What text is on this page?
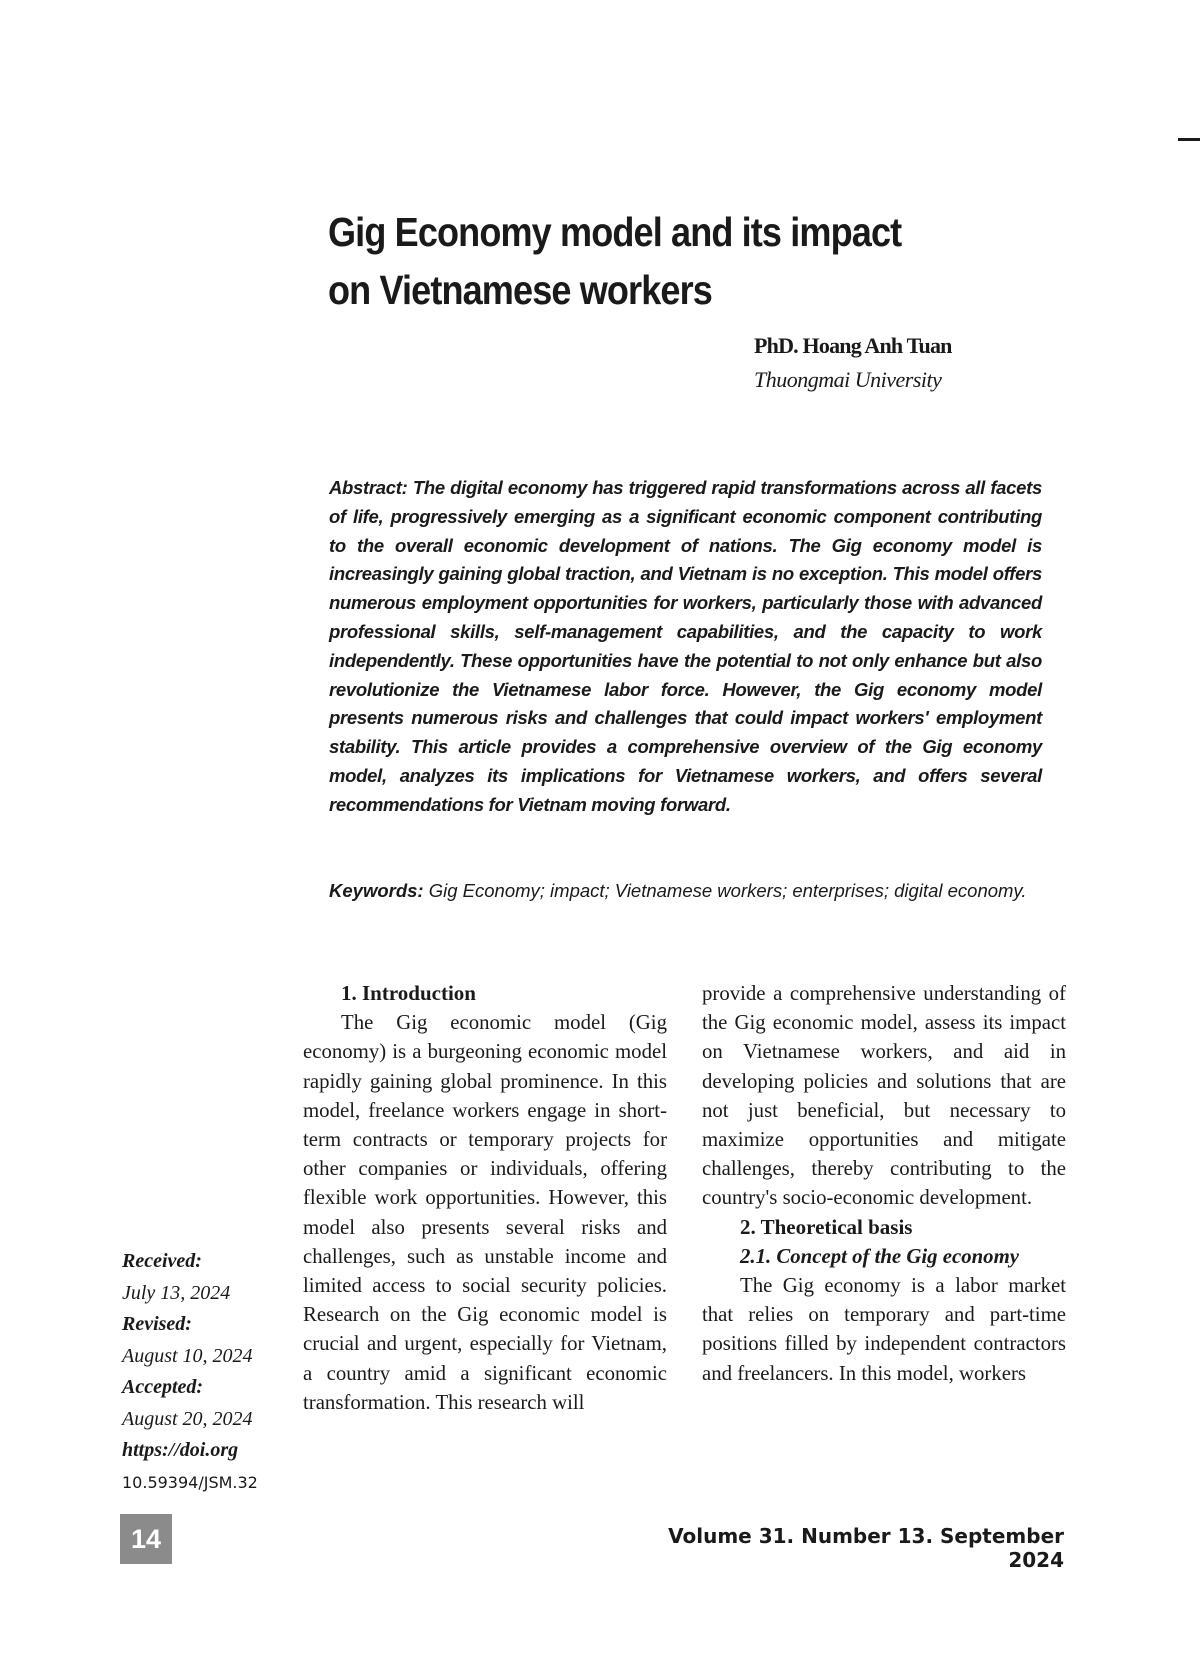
Gig Economy model and its impact
on Vietnamese workers
PhD. Hoang Anh Tuan
Thuongmai University
Abstract: The digital economy has triggered rapid transformations across all facets of life, progressively emerging as a significant economic component contributing to the overall economic development of nations. The Gig economy model is increasingly gaining global traction, and Vietnam is no exception. This model offers numerous employment opportunities for workers, particularly those with advanced professional skills, self-management capabilities, and the capacity to work independently. These opportunities have the potential to not only enhance but also revolutionize the Vietnamese labor force. However, the Gig economy model presents numerous risks and challenges that could impact workers' employment stability. This article provides a comprehensive overview of the Gig economy model, analyzes its implications for Vietnamese workers, and offers several recommendations for Vietnam moving forward.
Keywords: Gig Economy; impact; Vietnamese workers; enterprises; digital economy.
Received:
July 13, 2024
Revised:
August 10, 2024
Accepted:
August 20, 2024
https://doi.org
10.59394/JSM.32

1. Introduction

The Gig economic model (Gig economy) is a burgeoning economic model rapidly gaining global prominence. In this model, freelance workers engage in short-term contracts or temporary projects for other companies or individuals, offering flexible work opportunities. However, this model also presents several risks and challenges, such as unstable income and limited access to social security policies. Research on the Gig economic model is crucial and urgent, especially for Vietnam, a country amid a significant economic transformation. This research will

provide a comprehensive understanding of the Gig economic model, assess its impact on Vietnamese workers, and aid in developing policies and solutions that are not just beneficial, but necessary to maximize opportunities and mitigate challenges, thereby contributing to the country's socio-economic development.

2. Theoretical basis

2.1. Concept of the Gig economy

The Gig economy is a labor market that relies on temporary and part-time positions filled by independent contractors and freelancers. In this model, workers

14	Volume 31. Number 13. September 2024
